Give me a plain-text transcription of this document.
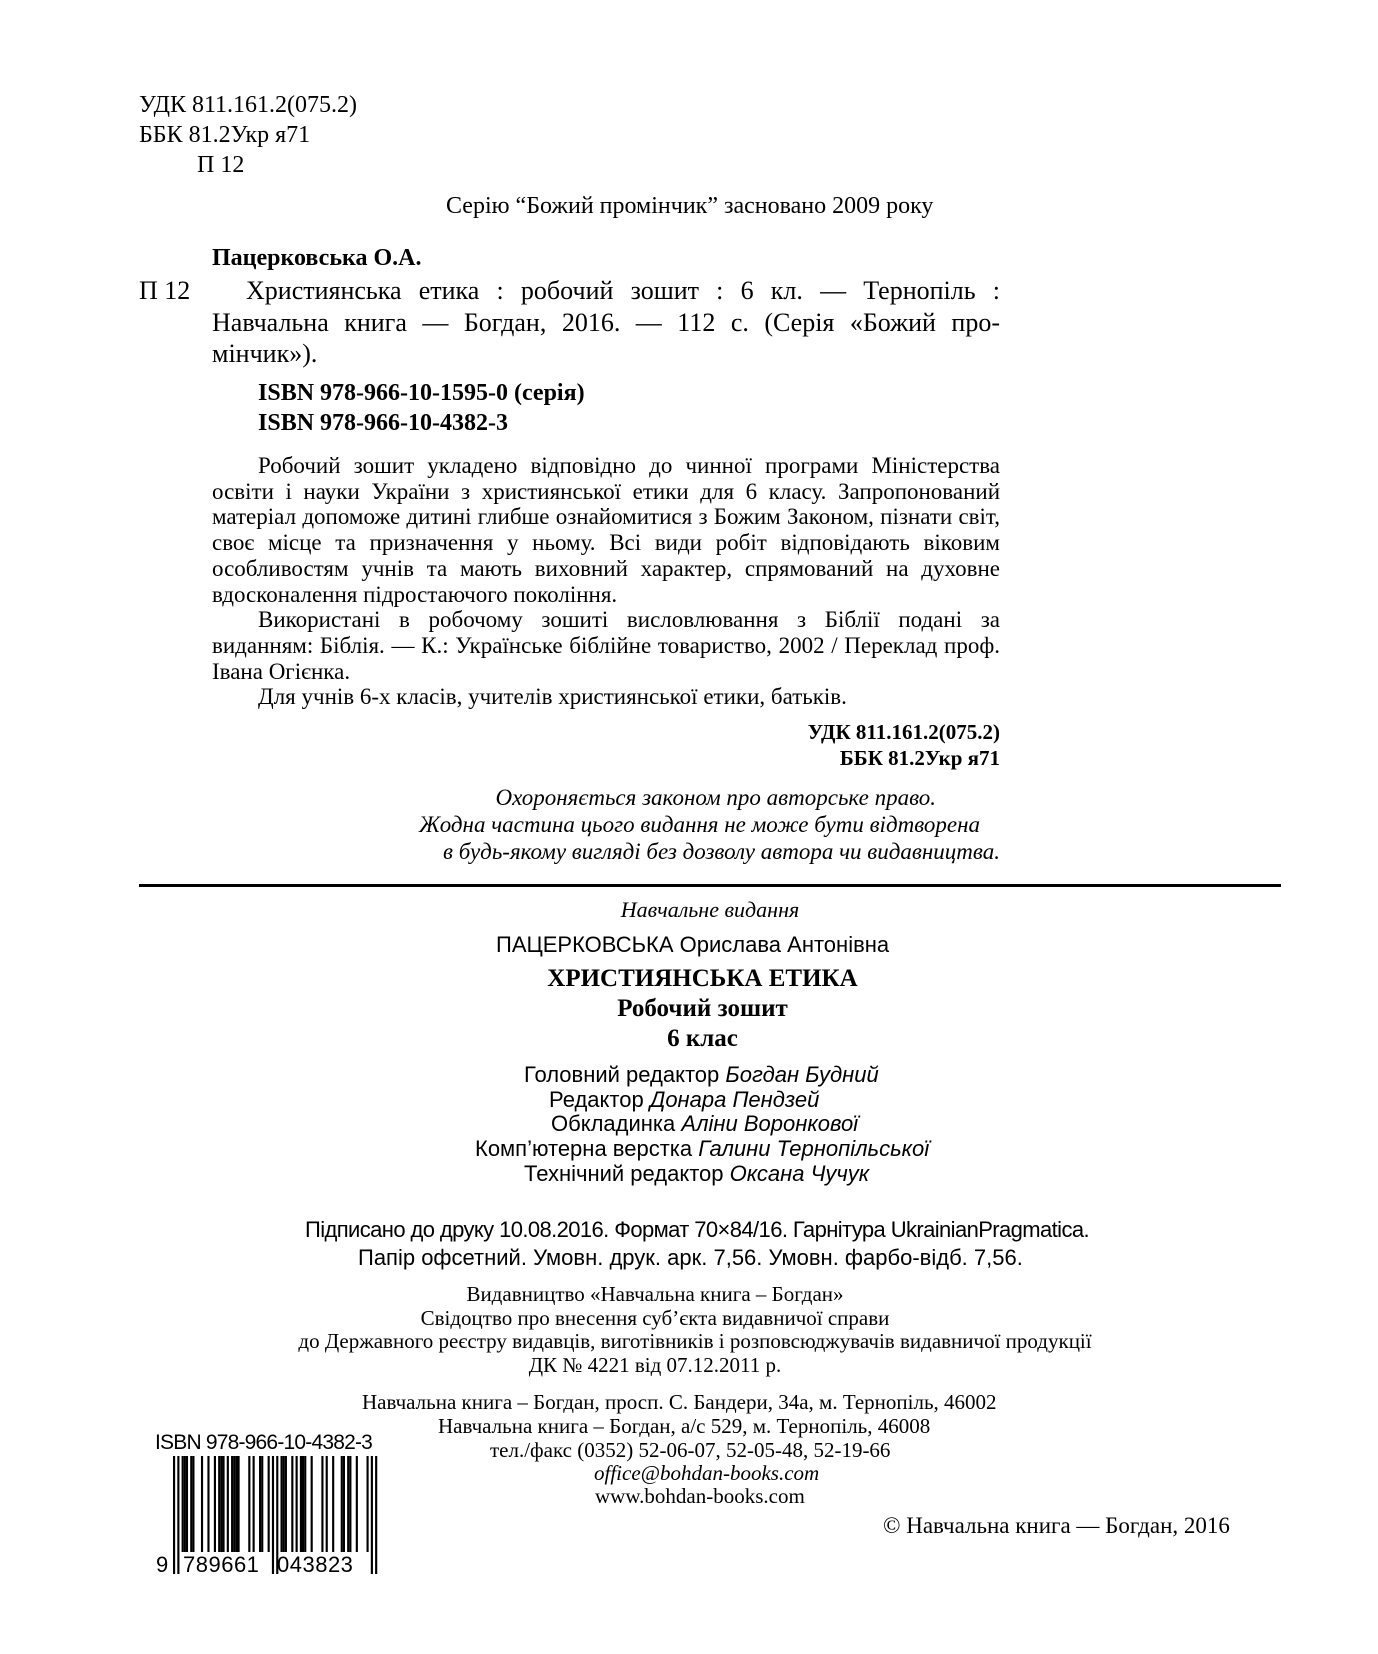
УДК 811.161.2(075.2)
ББК 81.2Укр я71
П 12
Серію “Божий промінчик” засновано 2009 року
Пацерковська О.А.
П 12 Християнська етика : робочий зошит : 6 кл. — Тернопіль :
Навчальна книга — Богдан, 2016. — 112 с. (Серія «Божий про-
мінчик»).
ISBN 978-966-10-1595-0 (серія)
ISBN 978-966-10-4382-3

Робочий зошит укладено відповідно до чинної програми Міністерства освіти і науки України з християнської етики для 6 класу. Запропонований матеріал допоможе дитині глибше ознайомитися з Божим Законом, пізнати світ, своє місце та призначення у ньому. Всі види робіт відповідають віковим особливостям учнів та мають виховний характер, спрямований на духовне вдосконалення підростаючого покоління.

Використані в робочому зошиті висловлювання з Біблії подані за виданням: Біблія. — К.: Українське біблійне товариство, 2002 / Переклад проф. Івана Огієнка.

Для учнів 6-х класів, учителів християнської етики, батьків.

УДК 811.161.2(075.2)
ББК 81.2Укр я71
Охороняється законом про авторське право.
Жодна частина цього видання не може бути відтворена
в будь-якому вигляді без дозволу автора чи видавництва.
Навчальне видання
ПАЦЕРКОВСЬКА Орислава Антонівна
ХРИСТИЯНСЬКА ЕТИКА
Робочий зошит
6 клас
Головний редактор Богдан Будний
Редактор Донара Пендзей
Обкладинка Аліни Воронкової
Комп’ютерна верстка Галини Тернопільської
Технічний редактор Оксана Чучук
Підписано до друку 10.08.2016. Формат 70×84/16. Гарнітура UkrainianPragmatica.
Папір офсетний. Умовн. друк. арк. 7,56. Умовн. фарбо-відб. 7,56.
Видавництво «Навчальна книга – Богдан»
Свідоцтво про внесення суб’єкта видавничої справи
до Державного реєстру видавців, виготівників і розповсюджувачів видавничої продукції
ДК № 4221 від 07.12.2011 р.
Навчальна книга – Богдан, просп. С. Бандери, 34а, м. Тернопіль, 46002
Навчальна книга – Богдан, а/с 529, м. Тернопіль, 46008
тел./факс (0352) 52-06-07, 52-05-48, 52-19-66
office@bohdan-books.com
www.bohdan-books.com
© Навчальна книга — Богдан, 2016
ISBN 978-966-10-4382-3
9 789661 043823
